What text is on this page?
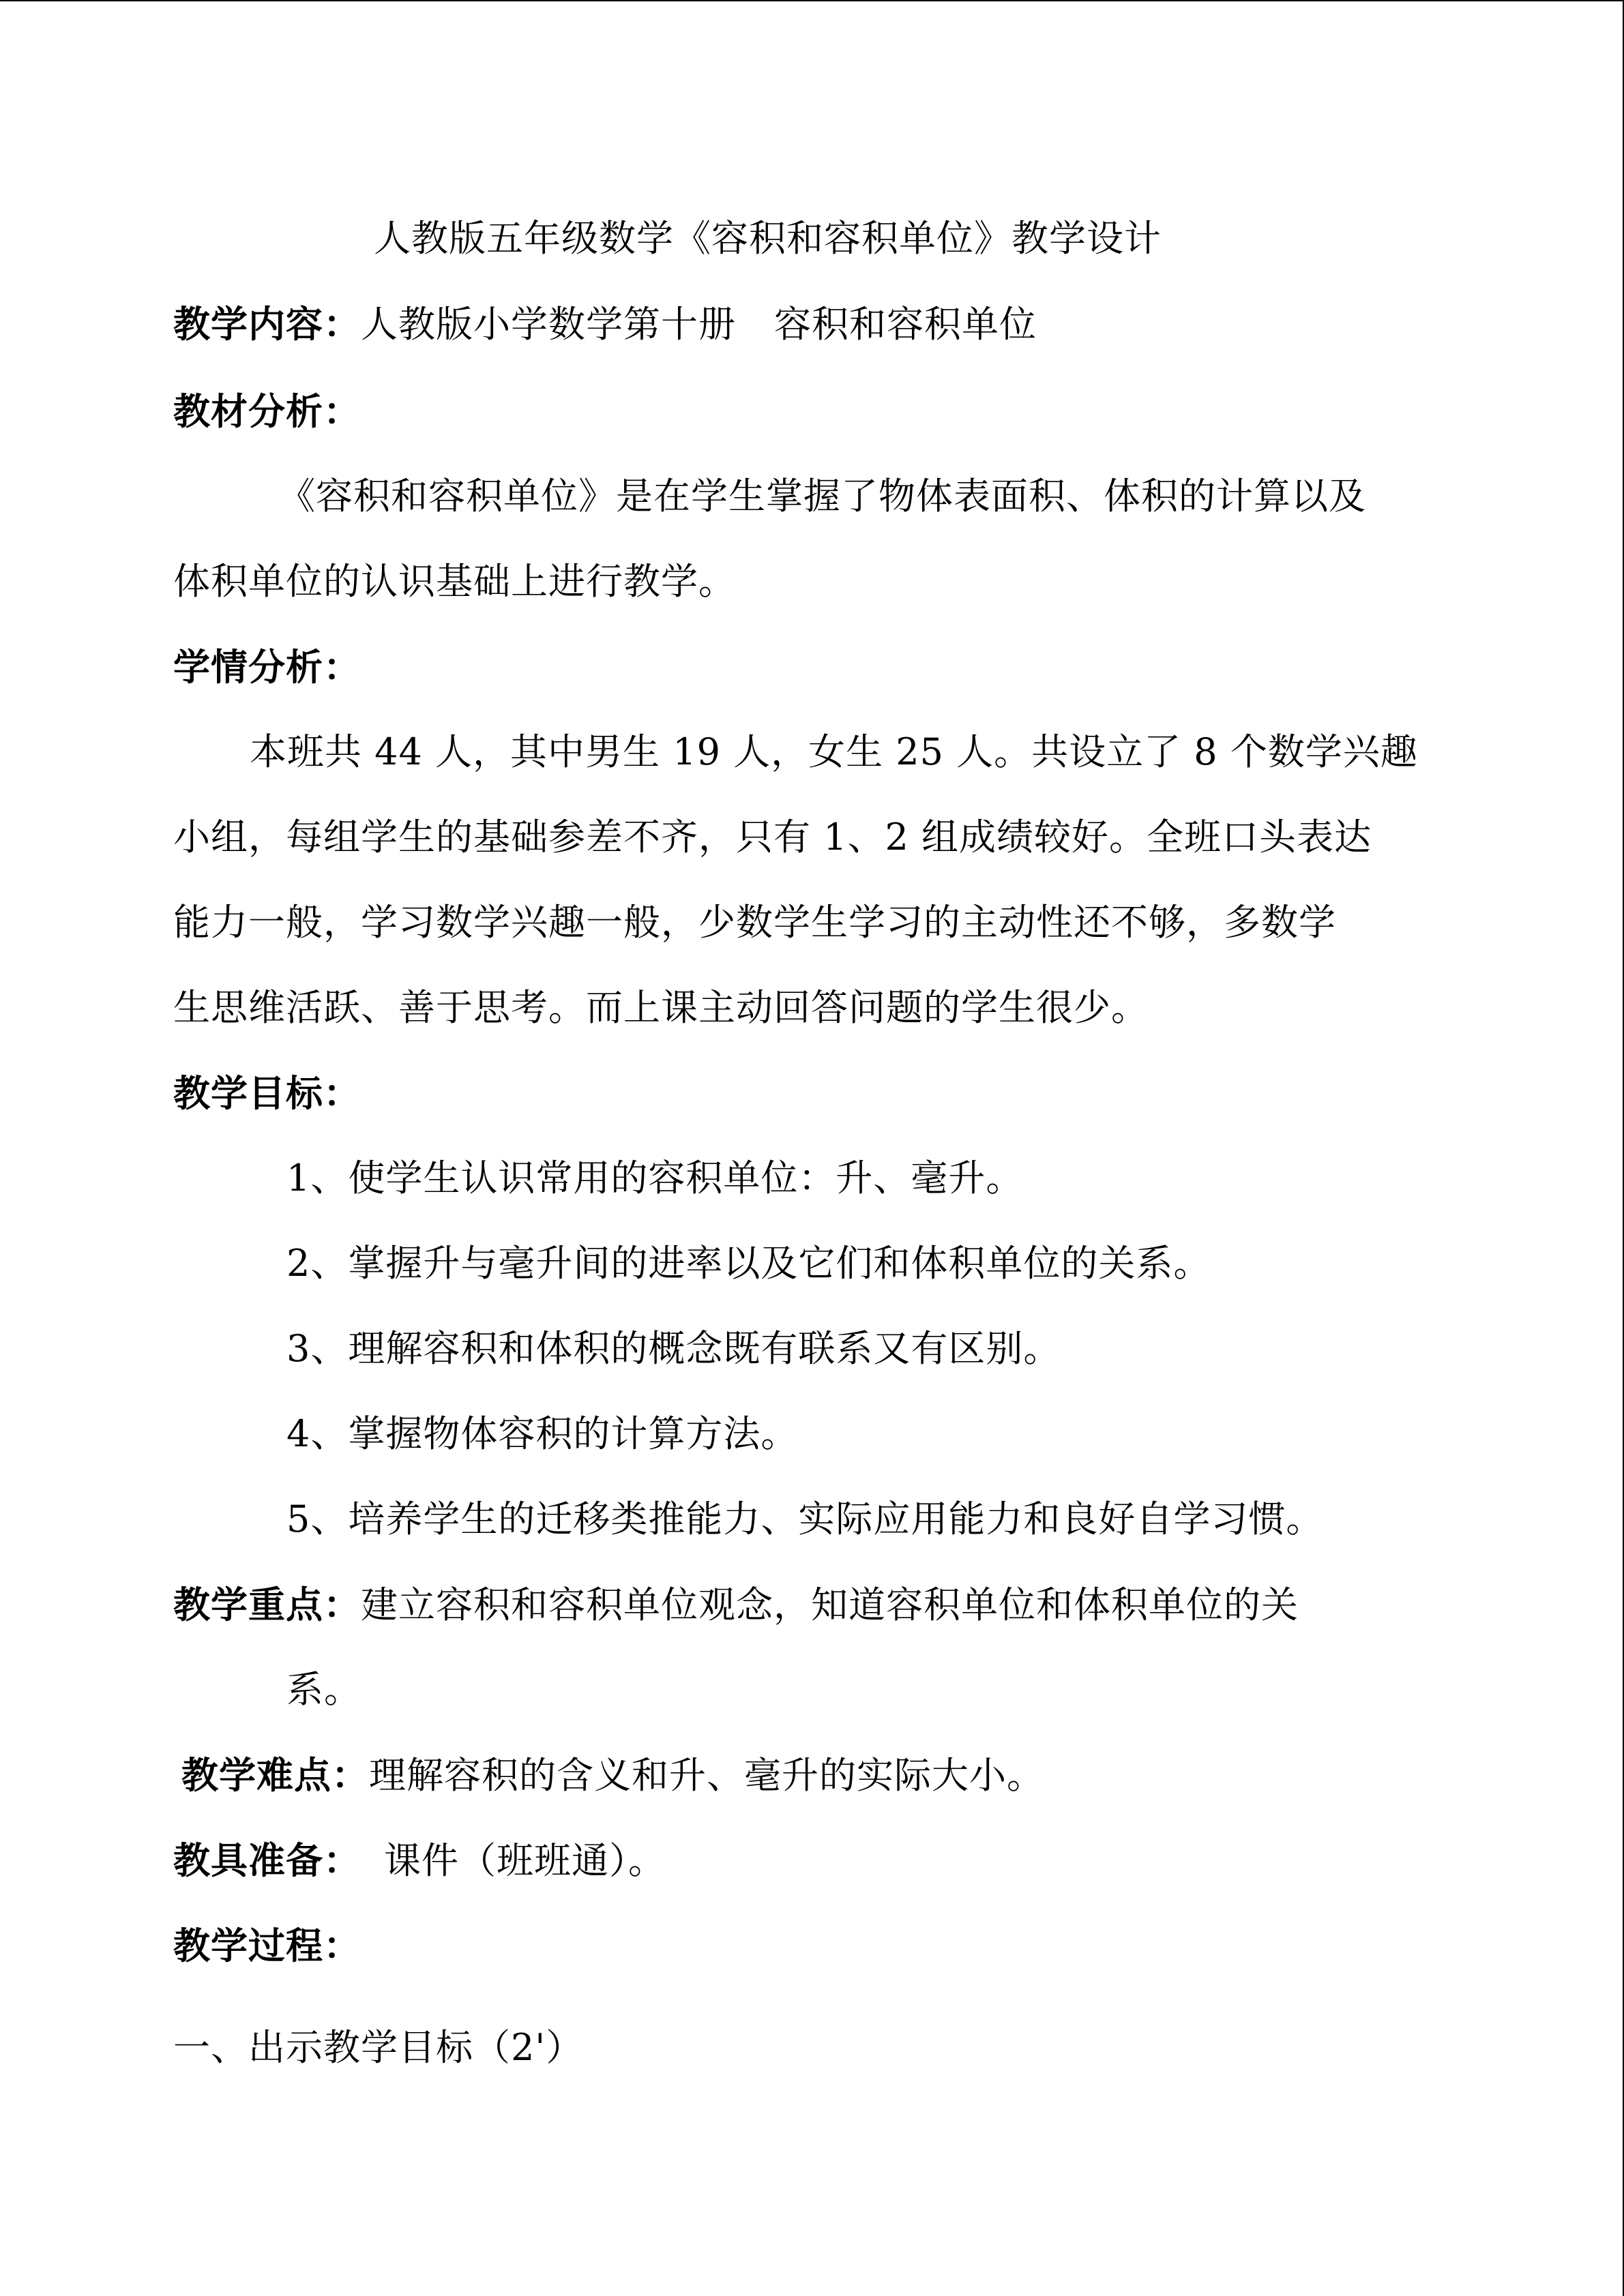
人教版五年级数学《容积和容积单位》教学设计
教学内容：人教版小学数学第十册 容积和容积单位
教材分析：
《容积和容积单位》是在学生掌握了物体表面积、体积的计算以及
体积单位的认识基础上进行教学。
学情分析：
本班共 44 人，其中男生 19 人，女生 25 人。共设立了 8 个数学兴趣
小组，每组学生的基础参差不齐，只有 1、2 组成绩较好。全班口头表达
能力一般，学习数学兴趣一般，少数学生学习的主动性还不够，多数学
生思维活跃、善于思考。而上课主动回答问题的学生很少。
教学目标：
1、使学生认识常用的容积单位：升、毫升。
2、掌握升与毫升间的进率以及它们和体积单位的关系。
3、理解容积和体积的概念既有联系又有区别。
4、掌握物体容积的计算方法。
5、培养学生的迁移类推能力、实际应用能力和良好自学习惯。
教学重点：建立容积和容积单位观念，知道容积单位和体积单位的关
系。
教学难点：理解容积的含义和升、毫升的实际大小。
教具准备： 课件（班班通）。
教学过程：
一、出示教学目标（2'）
